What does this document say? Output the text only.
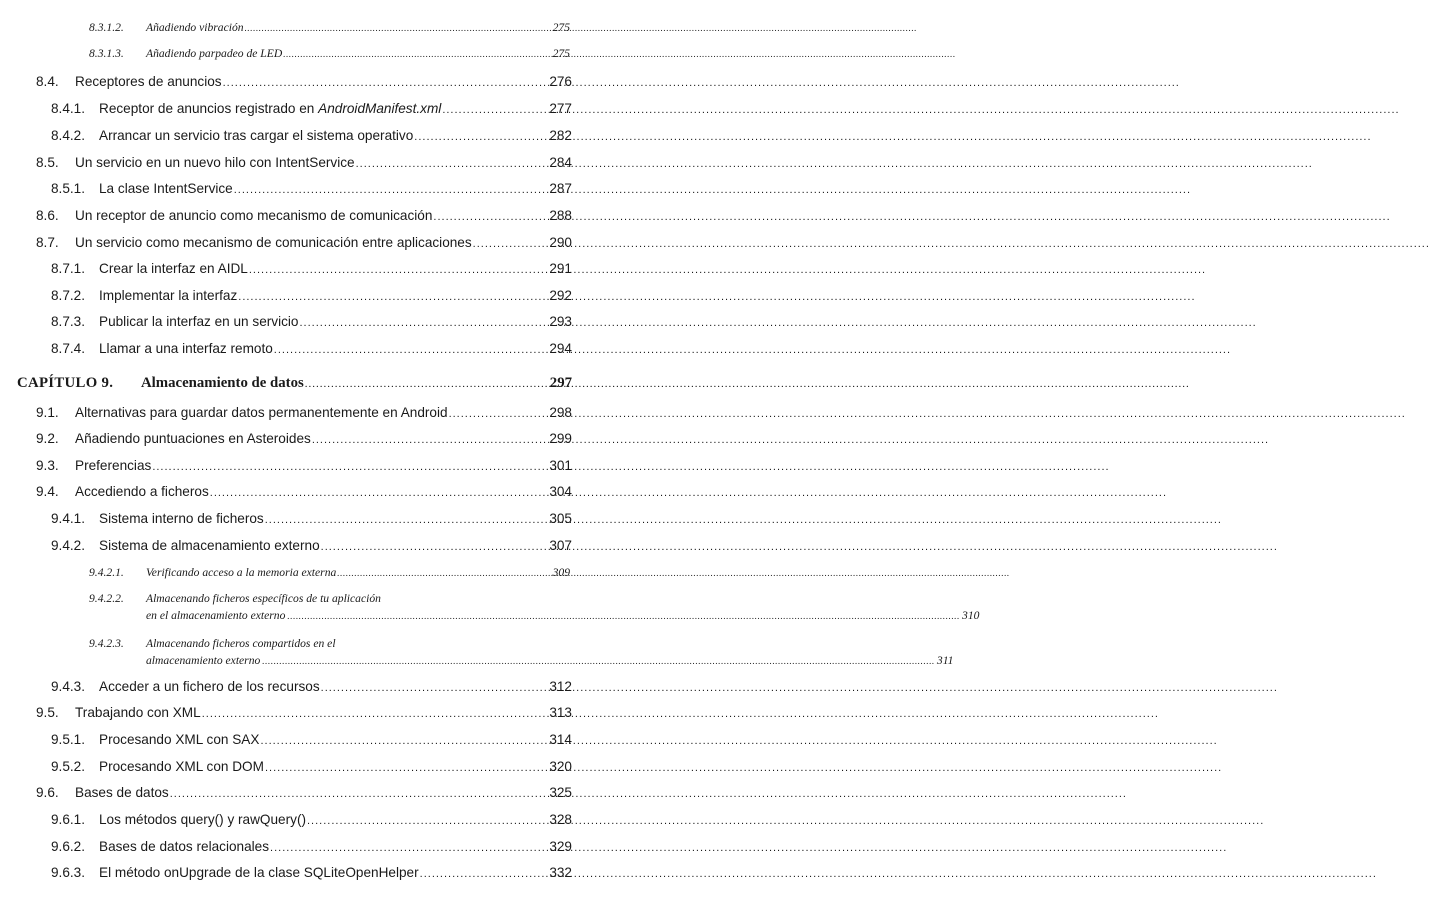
8.3.1.2.	Añadiendo vibración .....	275
8.3.1.3.	Añadiendo parpadeo de LED .....	275
8.4.	Receptores de anuncios .....	276
8.4.1.	Receptor de anuncios registrado en AndroidManifest.xml .....	277
8.4.2.	Arrancar un servicio tras cargar el sistema operativo .....	282
8.5.	Un servicio en un nuevo hilo con IntentService .....	284
8.5.1.	La clase IntentService .....	287
8.6.	Un receptor de anuncio como mecanismo de comunicación .....	288
8.7.	Un servicio como mecanismo de comunicación entre aplicaciones .....	290
8.7.1.	Crear la interfaz en AIDL .....	291
8.7.2.	Implementar la interfaz .....	292
8.7.3.	Publicar la interfaz en un servicio .....	293
8.7.4.	Llamar a una interfaz remoto .....	294
CAPÍTULO 9.	Almacenamiento de datos .....	297
9.1.	Alternativas para guardar datos permanentemente en Android .....	298
9.2.	Añadiendo puntuaciones en Asteroides .....	299
9.3.	Preferencias .....	301
9.4.	Accediendo a ficheros .....	304
9.4.1.	Sistema interno de ficheros .....	305
9.4.2.	Sistema de almacenamiento externo .....	307
9.4.2.1.	Verificando acceso a la memoria externa .....	309
9.4.2.2. Almacenando ficheros específicos de tu aplicación
en el almacenamiento externo .....	310
9.4.2.3. Almacenando ficheros compartidos en el
almacenamiento externo .....	311
9.4.3.	Acceder a un fichero de los recursos .....	312
9.5.	Trabajando con XML .....	313
9.5.1.	Procesando XML con SAX .....	314
9.5.2.	Procesando XML con DOM .....	320
9.6.	Bases de datos .....	325
9.6.1.	Los métodos query() y rawQuery() .....	328
9.6.2.	Bases de datos relacionales .....	329
9.6.3.	El método onUpgrade de la clase SQLiteOpenHelper .....	332
